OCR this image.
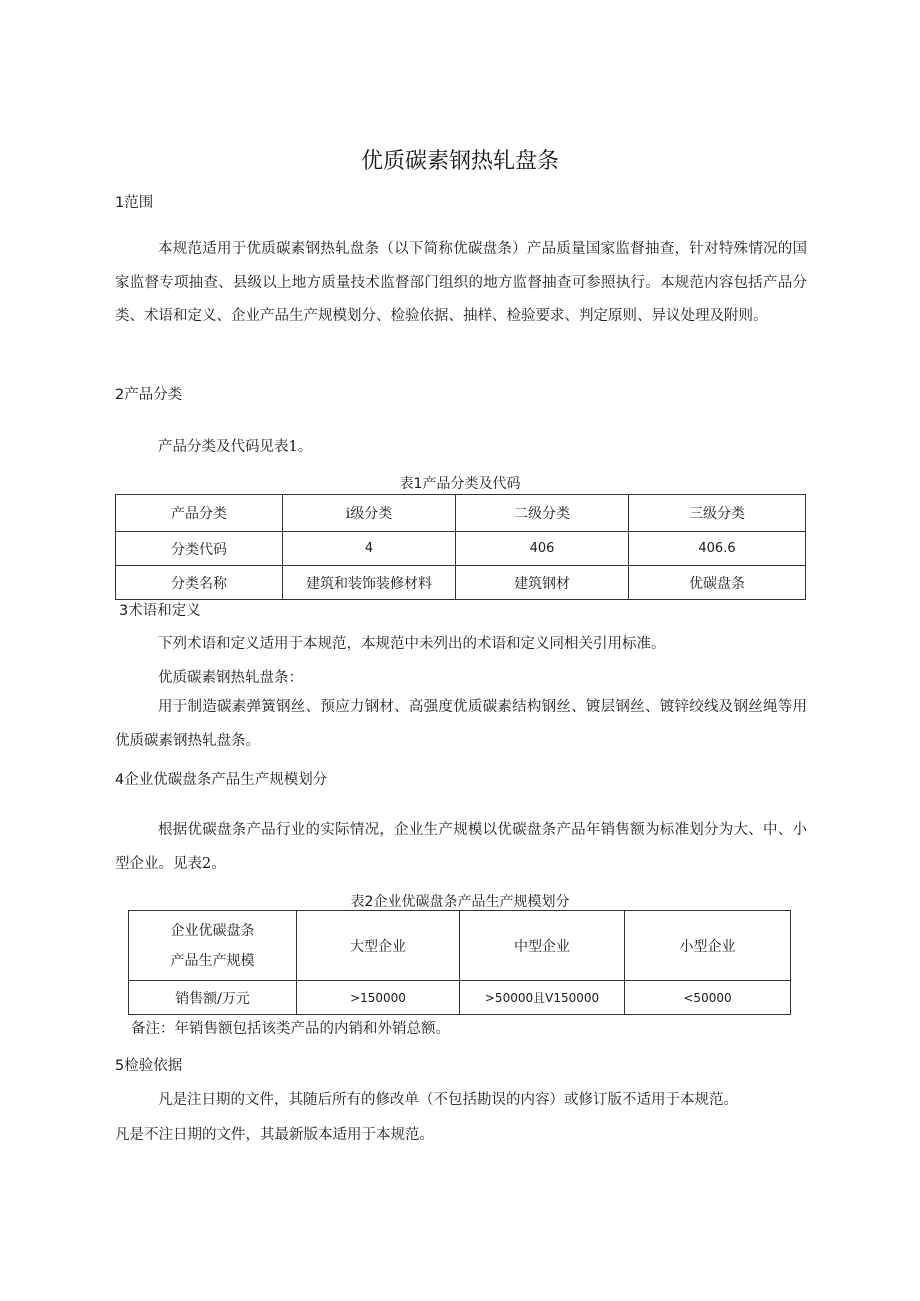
优质碳素钢热轧盘条
1范围
本规范适用于优质碳素钢热轧盘条（以下简称优碳盘条）产品质量国家监督抽查，针对特殊情况的国家监督专项抽查、县级以上地方质量技术监督部门组织的地方监督抽查可参照执行。本规范内容包括产品分类、术语和定义、企业产品生产规模划分、检验依据、抽样、检验要求、判定原则、异议处理及附则。
2产品分类
产品分类及代码见表1。
表1产品分类及代码
产品分类	i级分类	二级分类	三级分类
分类代码	4	406	406.6
分类名称	建筑和装饰装修材料	建筑钢材	优碳盘条
3术语和定义
下列术语和定义适用于本规范，本规范中未列出的术语和定义同相关引用标准。
优质碳素钢热轧盘条：
用于制造碳素弹簧钢丝、预应力钢材、高强度优质碳素结构钢丝、镀层钢丝、镀锌绞线及钢丝绳等用优质碳素钢热轧盘条。
4企业优碳盘条产品生产规模划分
根据优碳盘条产品行业的实际情况，企业生产规模以优碳盘条产品年销售额为标准划分为大、中、小型企业。见表2。
表2企业优碳盘条产品生产规模划分
企业优碳盘条
产品生产规模	大型企业	中型企业	小型企业
销售额/万元	>150000	>50000且V150000	<50000
备注：年销售额包括该类产品的内销和外销总额。
5检验依据
凡是注日期的文件，其随后所有的修改单（不包括勘误的内容）或修订版不适用于本规范。
凡是不注日期的文件，其最新版本适用于本规范。
